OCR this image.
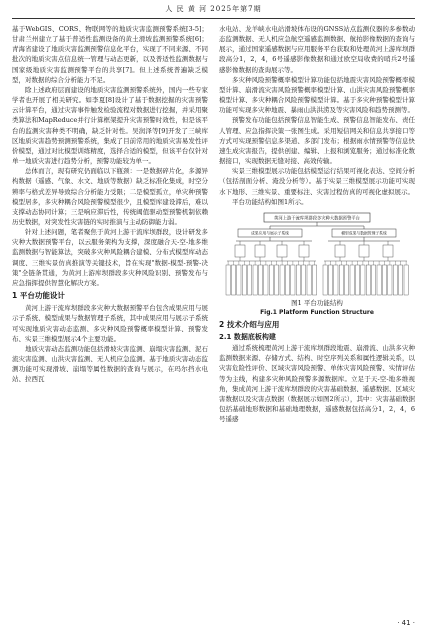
人 民 黄 河 2025年第7期

基于WebGIS、CORS、物联网等的地质灾害监测预警系统[3-5]；甘肃兰州建立了基于普适性监测设备的黄土滑坡监测预警系统[6]；青海省建设了地质灾害监测预警信息化平台，实现了不同来源、不同批次的地质灾害点信息统一管理与动态更新，以及普适性监测数据与国家级地质灾害监测预警平台的共享[7]。但上述系统普遍缺乏模型，对数据的综合分析能力不足。

除上述政府层面建设的地质灾害监测预警系统外，国内一些专家学者也开展了相关研究。如李夏[8]设计了基于数据挖掘的灾害预警云计算平台，通过灾害事件触发检验流程对数据进行挖掘，并采用聚类算法和MapReduce并行计算框架提升灾害预警时效性，但是该平台的监测灾害种类不明确，缺乏针对性。吴润泽等[9]开发了三峡库区地质灾害趋势预测预警系统，集成了目前常用的地质灾害易发性评价模型，通过对比模型训练精度，选择合适的模型，但该平台仅针对单一地质灾害进行趋势分析，预警功能较为单一。

总体而言，现有研究仍面临以下瓶颈：一是数据碎片化，多源异构数据（遥感、气象、水文、地质等数据）缺乏标准化集成，时空分辨率与格式差异导致综合分析能力受限；二是模型孤立，单灾种预警模型居多，多灾种耦合风险预警模型很少，且模型库建设滞后，难以支撑动态协同计算；三是响应滞后性，传统阈值驱动型预警机制依赖历史数据，对突发性灾害链的实时推演与主动防御能力弱。

针对上述问题，笔者聚焦于黄河上游干流库坝群段，设计研发多灾种大数据预警平台，以云服务架构为支撑，深度融合天-空-地多维监测数据与智能算法，突破多灾种风险耦合建模、分布式模型库动态调度、三维实景仿真推演等关键技术，旨在实现"数据-模型-预警-决策"全链条贯通，为黄河上游库坝群段多灾种风险识别、预警发布与应急指挥提供智慧化解决方案。

1 平台功能设计

黄河上游干流库坝群段多灾种大数据预警平台包含成果应用与展示子系统、模型成果与数据管理子系统，其中成果应用与展示子系统可实现地质灾害动态监测、多灾种风险预警概率模型计算、预警发布、实景三维模型展示4个主要功能。

地质灾害动态监测功能包括滑坡灾害监测、崩塌灾害监测、泥石流灾害监测、山洪灾害监测、无人机应急监测。基于地质灾害动态监测功能可实现滑坡、崩塌等属性数据的查询与展示，在玛尔挡水电站、拉西瓦

水电站、龙羊峡水电站滑坡体布设的GNSS站点监测仪器的多参数动态监测数据、无人机应急航空遥感监测数据、航拍影像数据的查询与展示，通过国家遥感数据与应用服务平台获取和处理黄河上游库坝群段高分1，2，4，6号遥感影像数据和通过欧空局收费的哨兵2号遥感影像数据的查询展示等。

多灾种风险预警概率模型计算功能包括地震灾害风险预警概率模型计算、崩滑流灾害风险预警概率模型计算、山洪灾害风险预警概率模型计算、多灾种耦合风险预警模型计算。基于多灾种预警模型计算功能可实现多灾种地震、暴雨山洪洪涝及等灾害风险和趋势预测等。

预警发布功能包括预警信息智能生成、预警信息智能发布、责任人管理、应急指挥决策一张图生成。采用短信网关和信息共享接口等方式可实现预警信息多渠道、多部门发布；根据雨水情预警等信息快速生成灾害报告，提供创建、编辑、上报和浏览服务；通过标准化数据接口，实现数据无缝对接、高效传输。

实景三维模型展示功能包括模型运行结果可视化表达、空间分析（包括剖面分析、淹没分析等）。基于实景三维模型展示功能可实现水下地形、三维实景、重要标注、灾害过程仿真的可视化虚拟展示。

平台功能结构如图1所示。

黄河上游干流库坝群段多灾种大数据预警平台
成果应用与展示子系统	模型成果与数据管理子系统
图1 平台功能结构
Fig.1 Platform Function Structure
2 技术介绍与应用
2.1 数据底板构建

通过系统梳理黄河上游干流库坝群段地震、崩滑流、山洪多灾种监测数据来源、存储方式、结构、时空序列关系和属性逻辑关系，以灾害危险性评价、区域灾害风险预警、单体灾害风险预警、实情评估等为主线，构建多灾种风险预警多源数据库。立足于天-空-地多维视角，集成黄河上游干流库坝群段的灾害基础数据、遥感数据、区域灾害数据以及灾害点数据（数据展示如图2所示），其中：灾害基础数据包括基础地形数据和基础地理数据，遥感数据包括高分1，2，4，6号遥感

· 41 ·
